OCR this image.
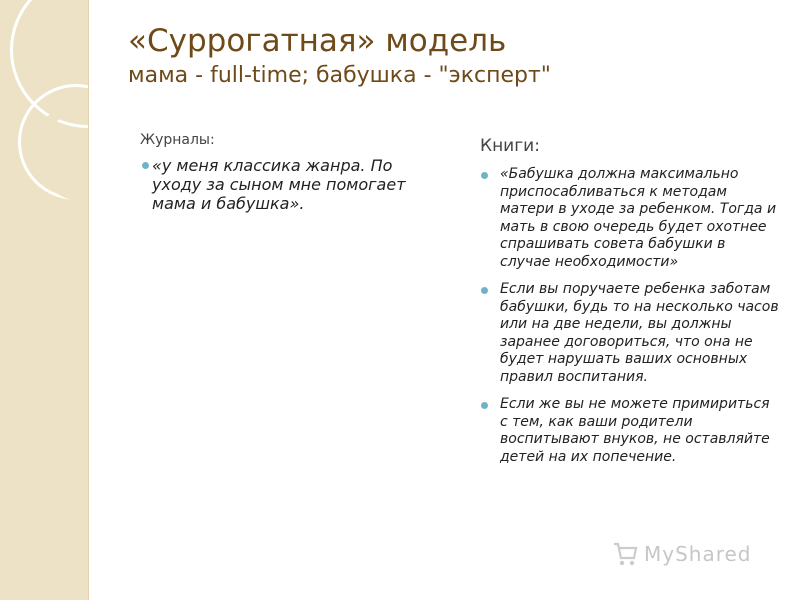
«Суррогатная» модель
мама - full-time; бабушка - "эксперт"
Журналы:
«у меня классика жанра. По уходу за сыном мне помогает мама и бабушка».
Книги:
«Бабушка должна максимально приспосабливаться к методам матери в уходе за ребенком. Тогда и мать в свою очередь будет охотнее спрашивать совета бабушки в случае необходимости»
Если вы поручаете ребенка заботам бабушки, будь то на несколько часов или на две недели, вы должны заранее договориться, что она не будет нарушать ваших основных правил воспитания.
Если же вы не можете примириться с тем, как ваши родители воспитывают внуков, не оставляйте детей на их попечение.
MyShared
